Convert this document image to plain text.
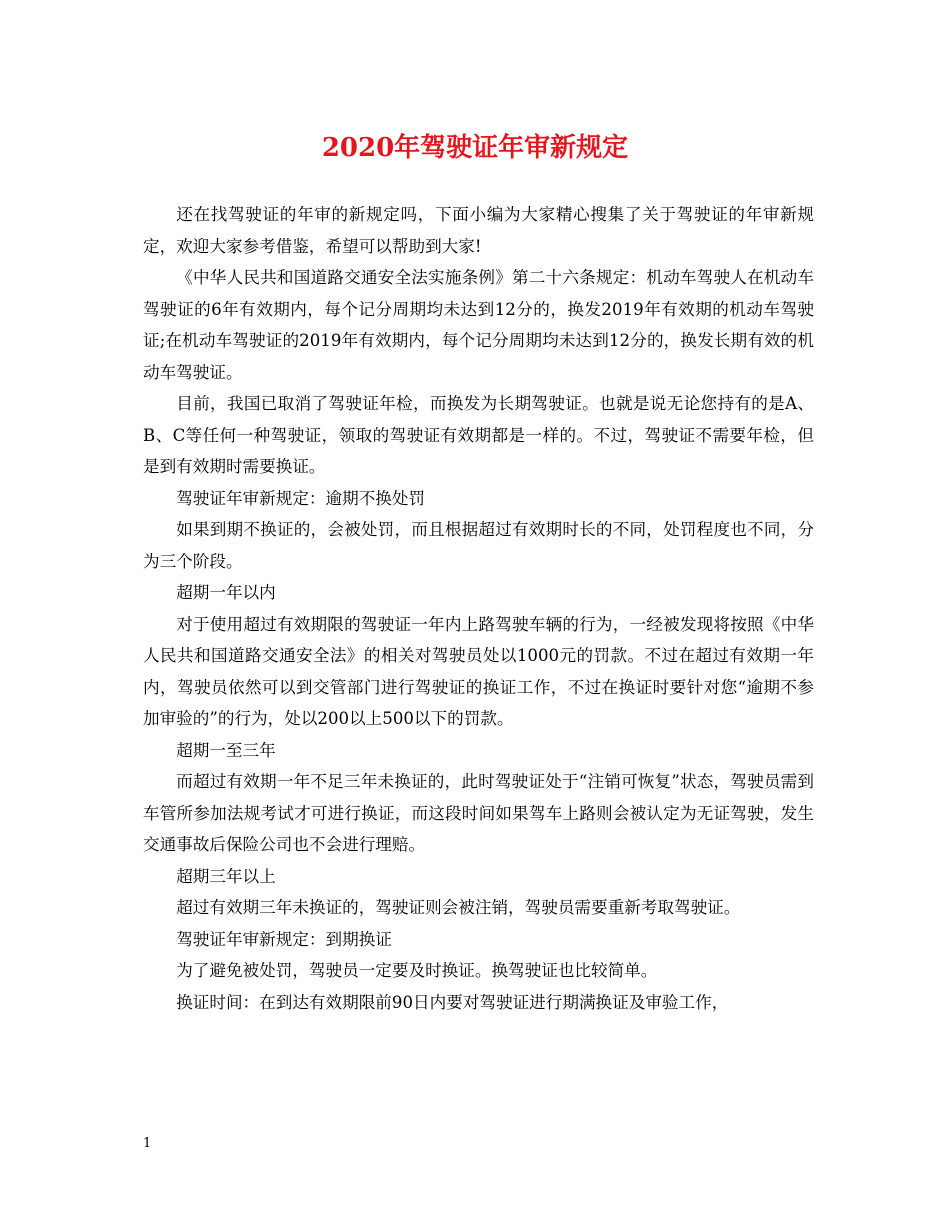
2020年驾驶证年审新规定

还在找驾驶证的年审的新规定吗，下面小编为大家精心搜集了关于驾驶证的年审新规定，欢迎大家参考借鉴，希望可以帮助到大家!

《中华人民共和国道路交通安全法实施条例》第二十六条规定：机动车驾驶人在机动车驾驶证的6年有效期内，每个记分周期均未达到12分的，换发2019年有效期的机动车驾驶证;在机动车驾驶证的2019年有效期内，每个记分周期均未达到12分的，换发长期有效的机动车驾驶证。

目前，我国已取消了驾驶证年检，而换发为长期驾驶证。也就是说无论您持有的是A、B、C等任何一种驾驶证，领取的驾驶证有效期都是一样的。不过，驾驶证不需要年检，但是到有效期时需要换证。

驾驶证年审新规定：逾期不换处罚

如果到期不换证的，会被处罚，而且根据超过有效期时长的不同，处罚程度也不同，分为三个阶段。

超期一年以内

对于使用超过有效期限的驾驶证一年内上路驾驶车辆的行为，一经被发现将按照《中华人民共和国道路交通安全法》的相关对驾驶员处以1000元的罚款。不过在超过有效期一年内，驾驶员依然可以到交管部门进行驾驶证的换证工作，不过在换证时要针对您“逾期不参加审验的”的行为，处以200以上500以下的罚款。

超期一至三年

而超过有效期一年不足三年未换证的，此时驾驶证处于“注销可恢复”状态，驾驶员需到车管所参加法规考试才可进行换证，而这段时间如果驾车上路则会被认定为无证驾驶，发生交通事故后保险公司也不会进行理赔。

超期三年以上

超过有效期三年未换证的，驾驶证则会被注销，驾驶员需要重新考取驾驶证。

驾驶证年审新规定：到期换证

为了避免被处罚，驾驶员一定要及时换证。换驾驶证也比较简单。

换证时间：在到达有效期限前90日内要对驾驶证进行期满换证及审验工作，

1
